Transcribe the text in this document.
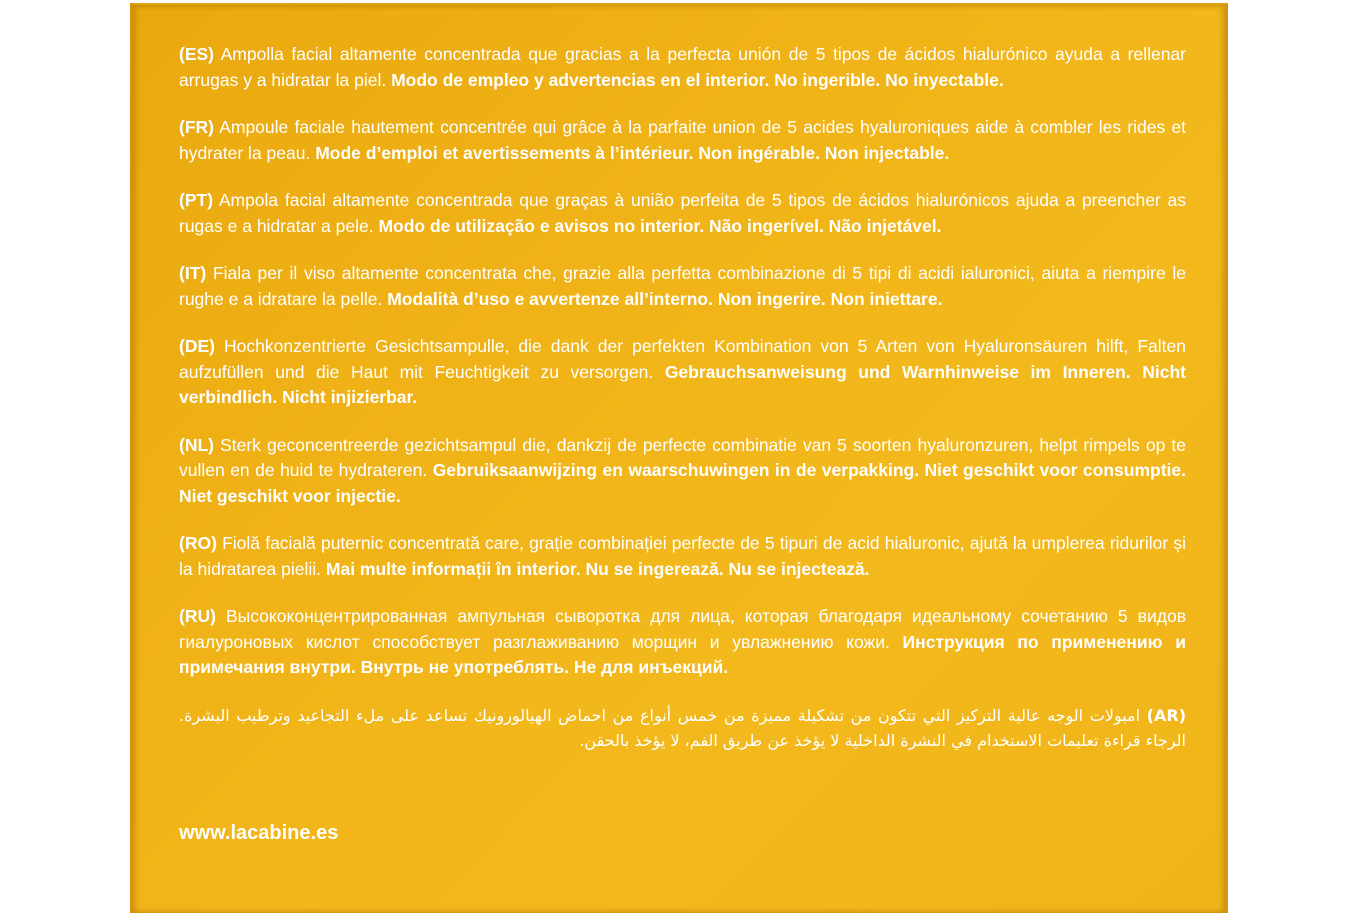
(ES) Ampolla facial altamente concentrada que gracias a la perfecta unión de 5 tipos de ácidos hialurónico ayuda a rellenar arrugas y a hidratar la piel. Modo de empleo y advertencias en el interior. No ingerible. No inyectable.

(FR) Ampoule faciale hautement concentrée qui grâce à la parfaite union de 5 acides hyaluroniques aide à combler les rides et hydrater la peau. Mode d’emploi et avertissements à l’intérieur. Non ingérable. Non injectable.

(PT) Ampola facial altamente concentrada que graças à união perfeita de 5 tipos de ácidos hialurónicos ajuda a preencher as rugas e a hidratar a pele. Modo de utilização e avisos no interior. Não ingerível. Não injetável.

(IT) Fiala per il viso altamente concentrata che, grazie alla perfetta combinazione di 5 tipi di acidi ialuronici, aiuta a riempire le rughe e a idratare la pelle. Modalità d’uso e avvertenze all’interno. Non ingerire. Non iniettare.

(DE) Hochkonzentrierte Gesichtsampulle, die dank der perfekten Kombination von 5 Arten von Hyaluronsäuren hilft, Falten aufzufüllen und die Haut mit Feuchtigkeit zu versorgen. Gebrauchsanweisung und Warnhinweise im Inneren. Nicht verbindlich. Nicht injizierbar.

(NL) Sterk geconcentreerde gezichtsampul die, dankzij de perfecte combinatie van 5 soorten hyaluronzuren, helpt rimpels op te vullen en de huid te hydrateren. Gebruiksaanwijzing en waarschuwingen in de verpakking. Niet geschikt voor consumptie. Niet geschikt voor injectie.

(RO) Fiolă facială puternic concentrată care, grație combinației perfecte de 5 tipuri de acid hialuronic, ajută la umplerea ridurilor și la hidratarea pielii. Mai multe informații în interior. Nu se ingerează. Nu se injectează.

(RU) Высококонцентрированная ампульная сыворотка для лица, которая благодаря идеальному сочетанию 5 видов гиалуроновых кислот способствует разглаживанию морщин и увлажнению кожи. Инструкция по применению и примечания внутри. Внутрь не употреблять. Не для инъекций.

(AR) امبولات الوجه عالية التركيز التي تتكون من تشكيلة مميزة من خمس أنواع من احماض الهيالورونيك تساعد على ملء التجاعيد وترطيب البشرة. الرجاء قراءة تعليمات الاستخدام في النشرة الداخلية لا يؤخذ عن طريق الفم، لا يؤخذ بالحقن.

www.lacabine.es
